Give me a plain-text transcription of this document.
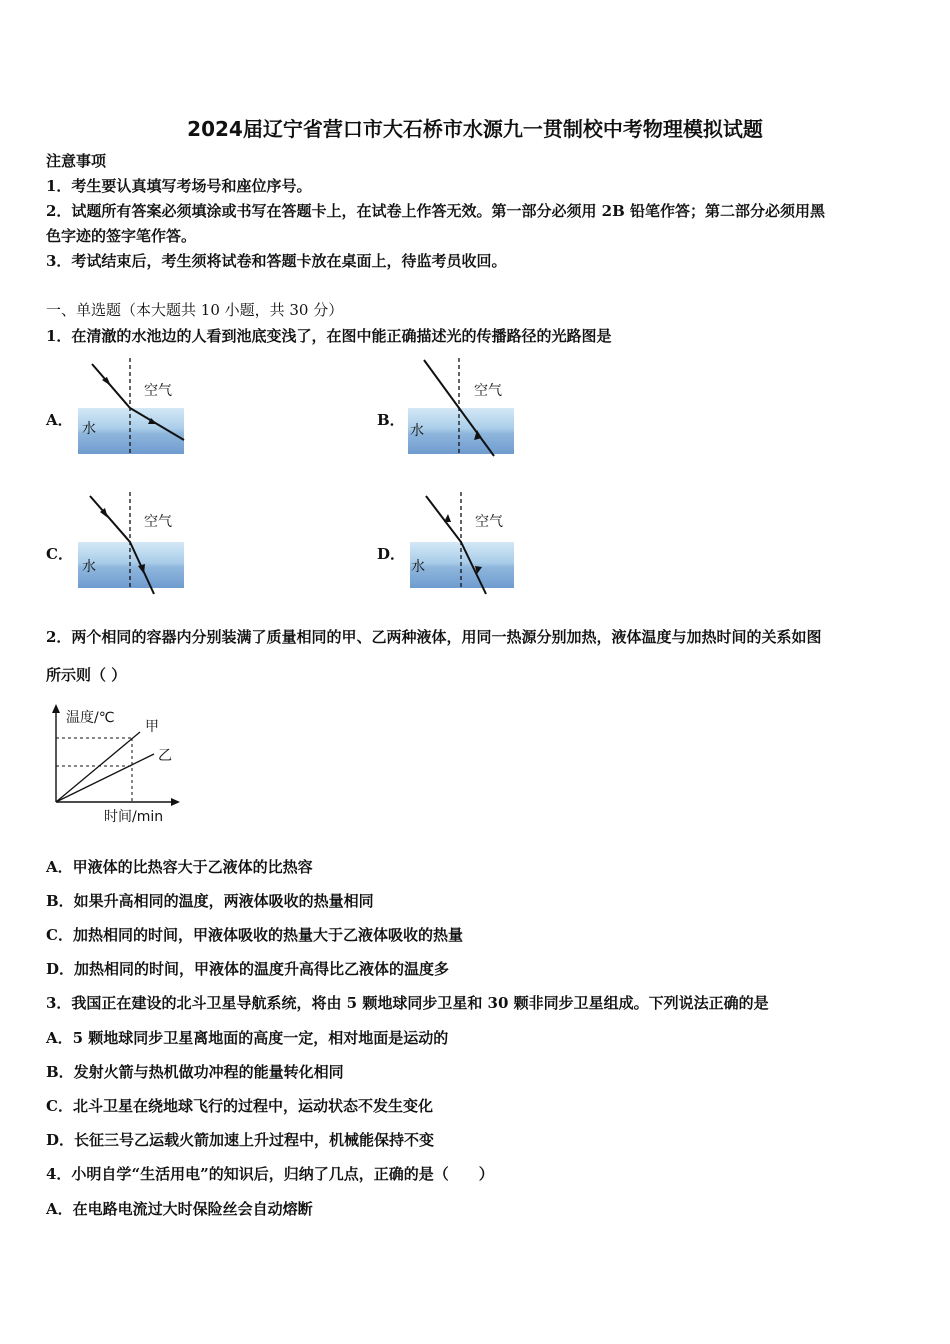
2024届辽宁省营口市大石桥市水源九一贯制校中考物理模拟试题
注意事项
1．考生要认真填写考场号和座位序号。
2．试题所有答案必须填涂或书写在答题卡上，在试卷上作答无效。第一部分必须用 2B 铅笔作答；第二部分必须用黑
色字迹的签字笔作答。
3．考试结束后，考生须将试卷和答题卡放在桌面上，待监考员收回。
一、单选题（本大题共 10 小题，共 30 分）
1．在清澈的水池边的人看到池底变浅了，在图中能正确描述光的传播路径的光路图是
A．
空气
水	B．
空气
水
C．
空气
水
D．
空气
水
2．两个相同的容器内分别装满了质量相同的甲、乙两种液体，用同一热源分别加热，液体温度与加热时间的关系如图
所示则（ ）
温度/℃
甲
乙
时间/min
A．甲液体的比热容大于乙液体的比热容
B．如果升高相同的温度，两液体吸收的热量相同
C．加热相同的时间，甲液体吸收的热量大于乙液体吸收的热量
D．加热相同的时间，甲液体的温度升高得比乙液体的温度多
3．我国正在建设的北斗卫星导航系统，将由 5 颗地球同步卫星和 30 颗非同步卫星组成。下列说法正确的是
A．5 颗地球同步卫星离地面的高度一定，相对地面是运动的
B．发射火箭与热机做功冲程的能量转化相同
C．北斗卫星在绕地球飞行的过程中，运动状态不发生变化
D．长征三号乙运载火箭加速上升过程中，机械能保持不变
4．小明自学“生活用电”的知识后，归纳了几点，正确的是（　　）
A．在电路电流过大时保险丝会自动熔断
